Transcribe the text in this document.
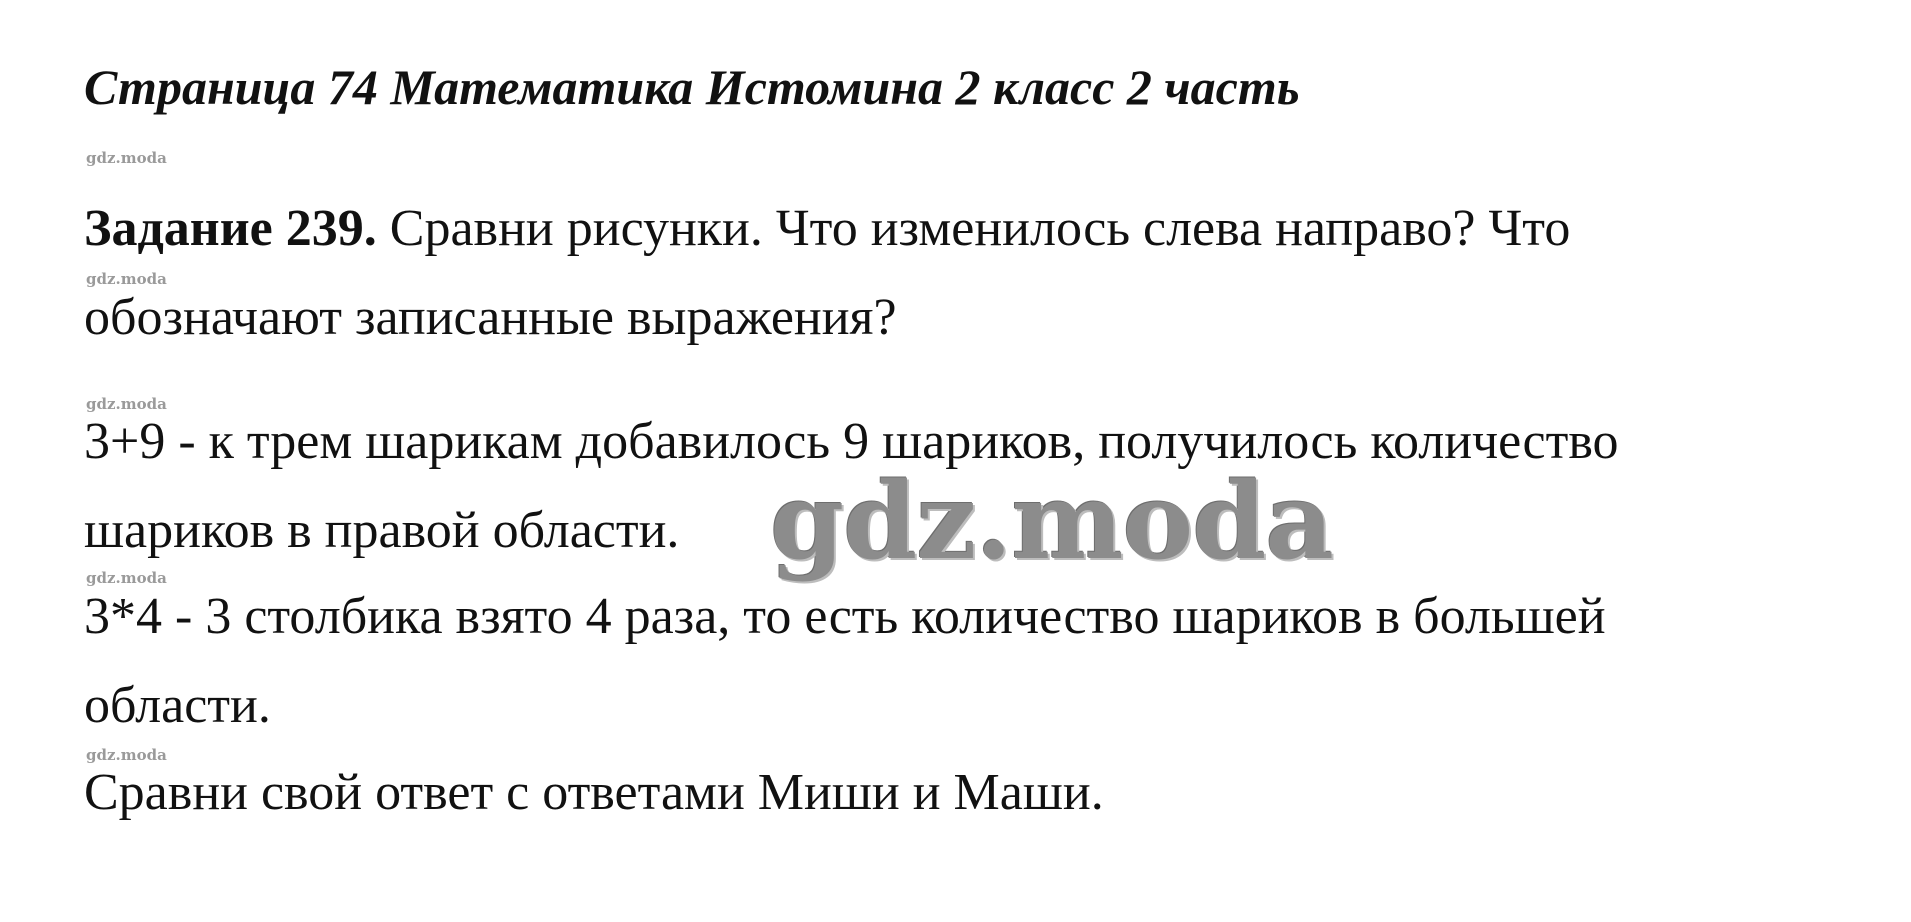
Страница 74 Математика Истомина 2 класс 2 часть
gdz.moda

Задание 239. Сравни рисунки. Что изменилось слева направо? Что

gdz.moda

обозначают записанные выражения?

gdz.moda

3+9 - к трем шарикам добавилось 9 шариков, получилось количество

шариков в правой области. gdz.moda
gdz.moda

3*4 - 3 столбика взято 4 раза, то есть количество шариков в большей

области.

gdz.moda

Сравни свой ответ с ответами Миши и Маши.
